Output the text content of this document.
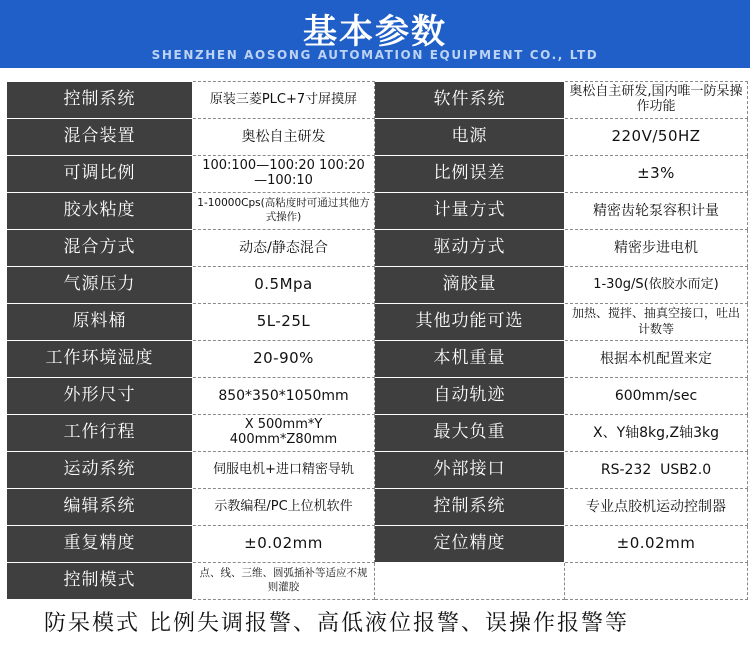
基本参数
SHENZHEN AOSONG AUTOMATION EQUIPMENT CO., LTD
控制系统	原装三菱PLC+7寸屏摸屏	软件系统	奥松自主研发,国内唯一防呆操作功能
混合装置	奥松自主研发	电源	220V/50HZ
可调比例	100:100—100:20 100:20—100:10	比例误差	±3%
胶水粘度	1-10000Cps(高粘度时可通过其他方式操作)	计量方式	精密齿轮泵容积计量
混合方式	动态/静态混合	驱动方式	精密步进电机
气源压力	0.5Mpa	滴胶量	1-30g/S(依胶水而定)
原料桶	5L-25L	其他功能可选	加热、搅拌、抽真空接口，吐出计数等
工作环境湿度	20-90%	本机重量	根据本机配置来定
外形尺寸	850*350*1050mm	自动轨迹	600mm/sec
工作行程	X 500mm*Y 400mm*Z80mm	最大负重	X、Y轴8kg,Z轴3kg
运动系统	伺服电机+进口精密导轨	外部接口	RS-232  USB2.0
编辑系统	示教编程/PC上位机软件	控制系统	专业点胶机运动控制器
重复精度	±0.02mm	定位精度	±0.02mm
控制模式	点、线、三维、圆弧插补等适应不规则灌胶		
防呆模式 比例失调报警、高低液位报警、误操作报警等
